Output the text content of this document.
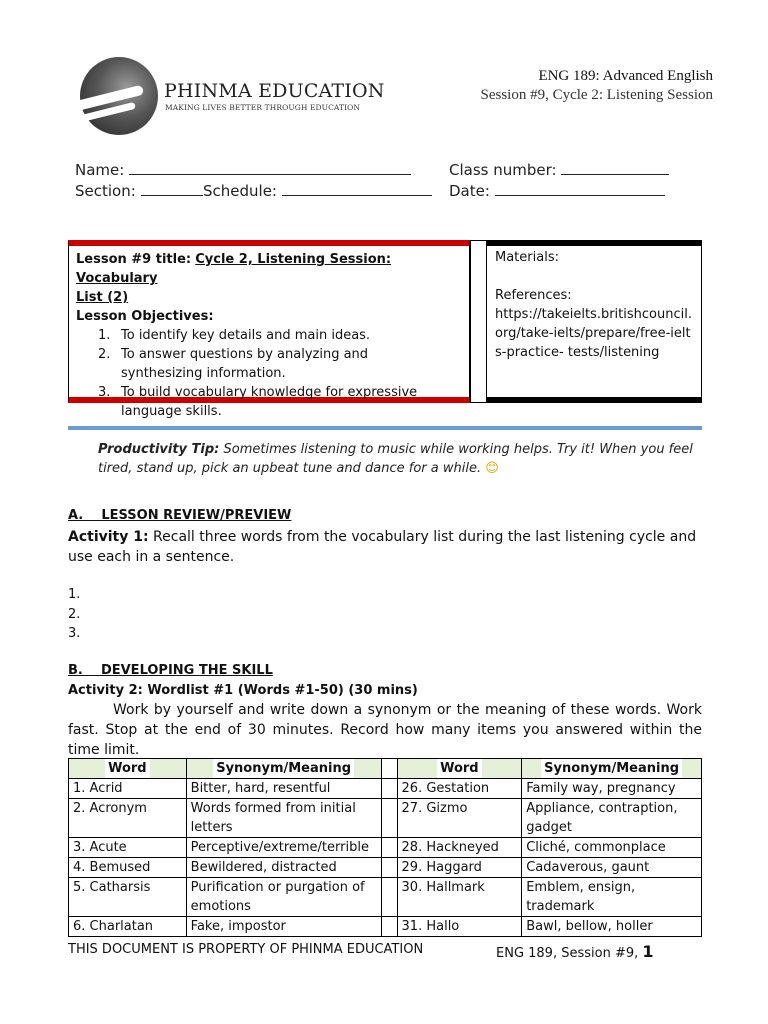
PHINMA EDUCATION
MAKING LIVES BETTER THROUGH EDUCATION
ENG 189: Advanced English
Session #9, Cycle 2: Listening Session
Name:	Class number:
Section:	Schedule:	Date:
Lesson #9 title: Cycle 2, Listening Session: Vocabulary
List (2)
Lesson Objectives:
1. To identify key details and main ideas.
2. To answer questions by analyzing and synthesizing information.
3. To build vocabulary knowledge for expressive language skills.
Materials:
References:
https://takeielts.britishcouncil.org/take-ielts/prepare/free-ielts-practice- tests/listening
Productivity Tip: Sometimes listening to music while working helps. Try it! When you feel tired, stand up, pick an upbeat tune and dance for a while. 😊
A.    LESSON REVIEW/PREVIEW
Activity 1: Recall three words from the vocabulary list during the last listening cycle and use each in a sentence.
1.
2.
3.
B.    DEVELOPING THE SKILL
Activity 2: Wordlist #1 (Words #1-50) (30 mins)
Work by yourself and write down a synonym or the meaning of these words. Work fast. Stop at the end of 30 minutes. Record how many items you answered within the time limit.
Word	Synonym/Meaning		Word	Synonym/Meaning
1. Acrid	Bitter, hard, resentful		26. Gestation	Family way, pregnancy
2. Acronym	Words formed from initial letters		27. Gizmo	Appliance, contraption, gadget
3. Acute	Perceptive/extreme/terrible		28. Hackneyed	Cliché, commonplace
4. Bemused	Bewildered, distracted		29. Haggard	Cadaverous, gaunt
5. Catharsis	Purification or purgation of emotions		30. Hallmark	Emblem, ensign, trademark
6. Charlatan	Fake, impostor		31. Hallo	Bawl, bellow, holler
THIS DOCUMENT IS PROPERTY OF PHINMA EDUCATION	ENG 189, Session #9, 1
